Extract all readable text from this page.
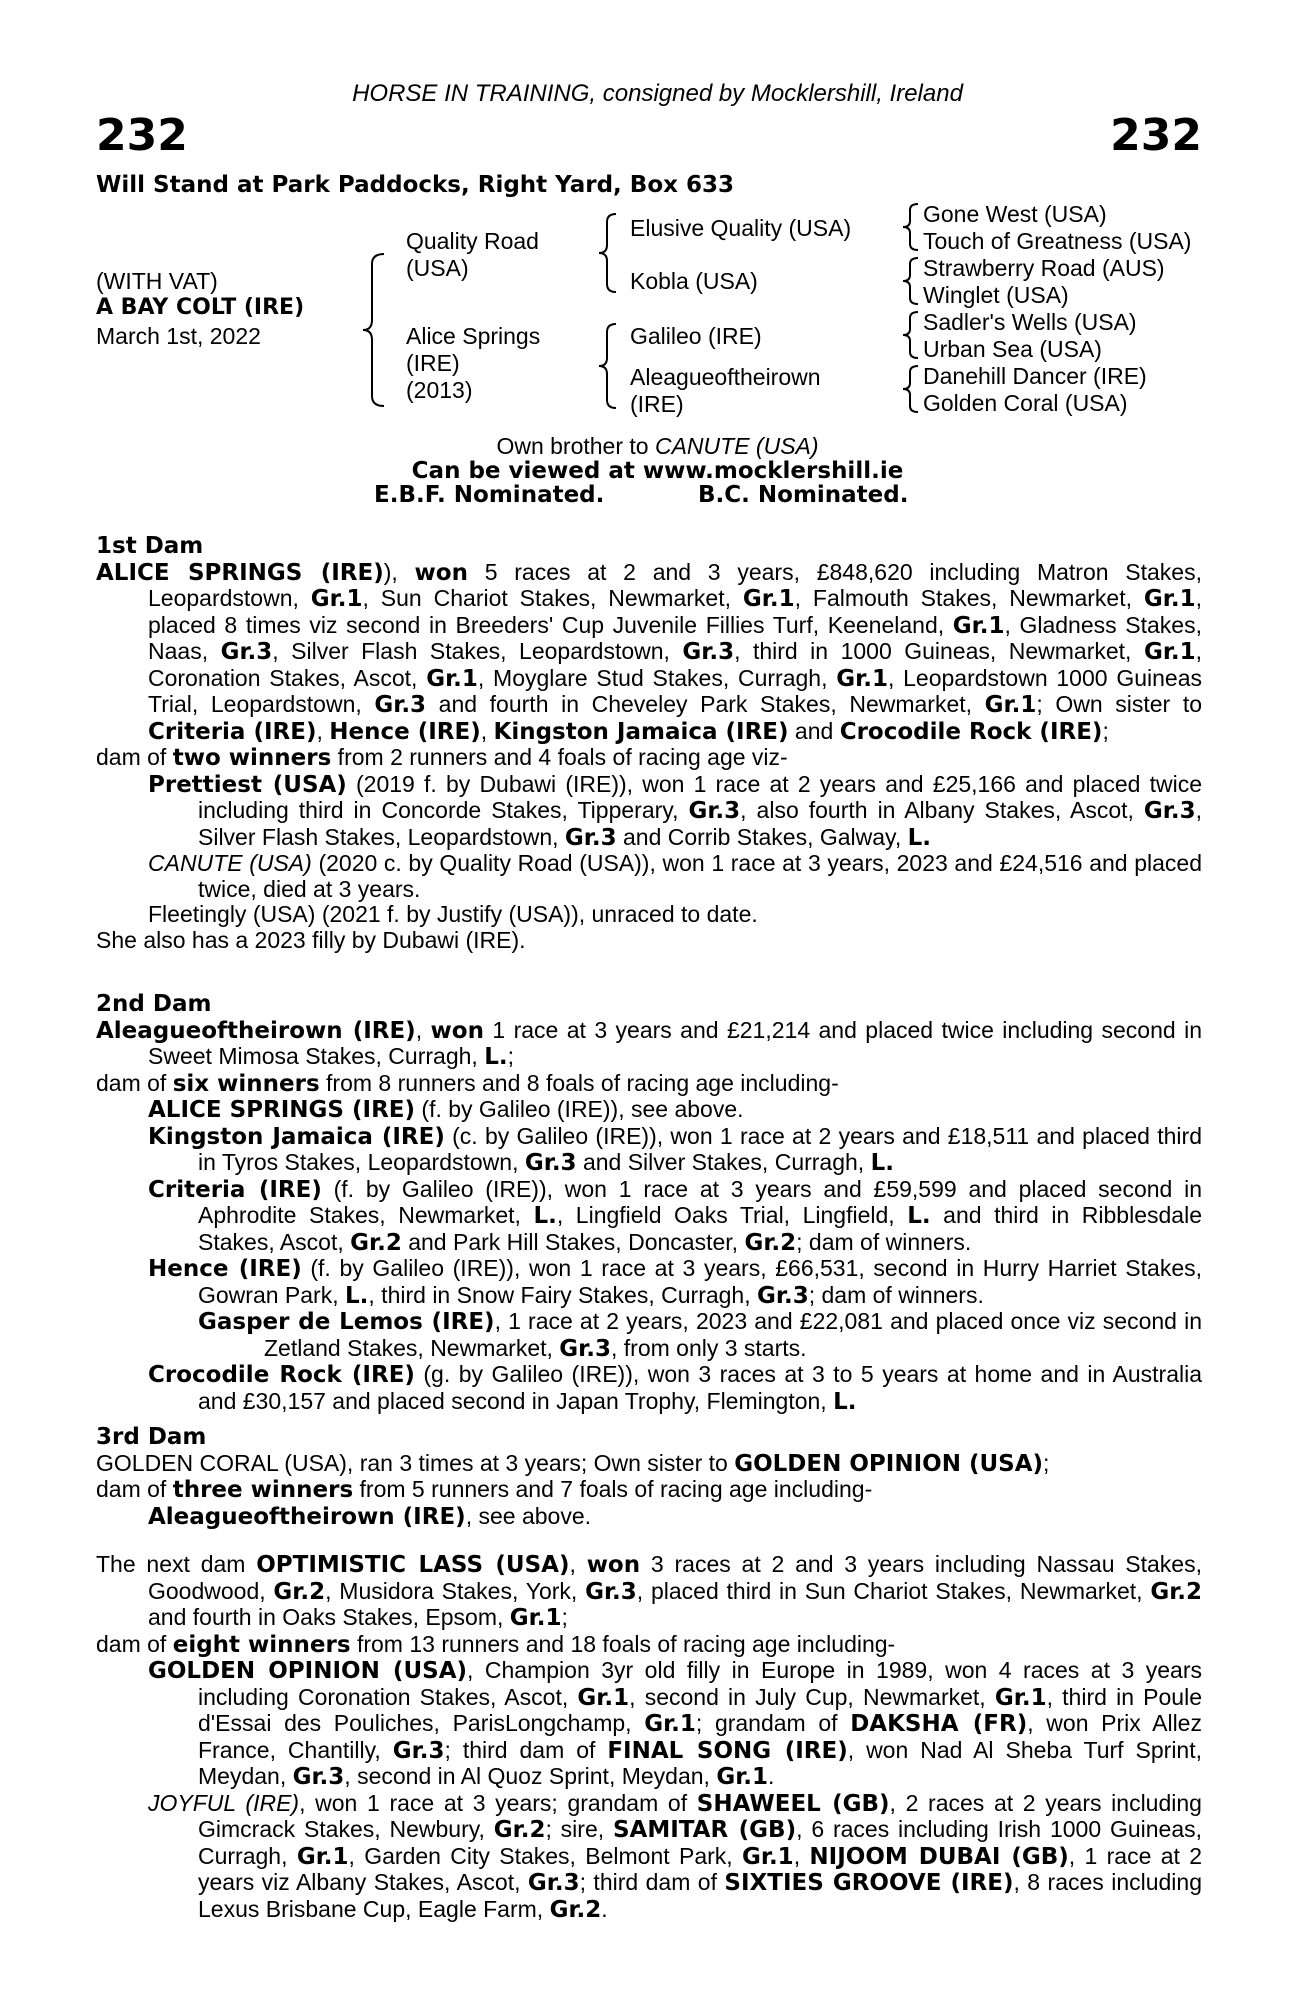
HORSE IN TRAINING, consigned by Mocklershill, Ireland
232	232
Will Stand at Park Paddocks, Right Yard, Box 633
(WITH VAT)
A BAY COLT (IRE)
March 1st, 2022
Quality Road
(USA)
Alice Springs
(IRE)
(2013)
Elusive Quality (USA)
Kobla (USA)
Galileo (IRE)
Aleagueoftheirown
(IRE)
Gone West (USA)
Touch of Greatness (USA)
Strawberry Road (AUS)
Winglet (USA)
Sadler's Wells (USA)
Urban Sea (USA)
Danehill Dancer (IRE)
Golden Coral (USA)
Own brother to CANUTE (USA)
Can be viewed at www.mocklershill.ie
E.B.F. Nominated.	B.C. Nominated.
1st Dam
ALICE SPRINGS (IRE)), won 5 races at 2 and 3 years, £848,620 including Matron Stakes, Leopardstown, Gr.1, Sun Chariot Stakes, Newmarket, Gr.1, Falmouth Stakes, Newmarket, Gr.1, placed 8 times viz second in Breeders' Cup Juvenile Fillies Turf, Keeneland, Gr.1, Gladness Stakes, Naas, Gr.3, Silver Flash Stakes, Leopardstown, Gr.3, third in 1000 Guineas, Newmarket, Gr.1, Coronation Stakes, Ascot, Gr.1, Moyglare Stud Stakes, Curragh, Gr.1, Leopardstown 1000 Guineas Trial, Leopardstown, Gr.3 and fourth in Cheveley Park Stakes, Newmarket, Gr.1; Own sister to Criteria (IRE), Hence (IRE), Kingston Jamaica (IRE) and Crocodile Rock (IRE);
dam of two winners from 2 runners and 4 foals of racing age viz-
Prettiest (USA) (2019 f. by Dubawi (IRE)), won 1 race at 2 years and £25,166 and placed twice including third in Concorde Stakes, Tipperary, Gr.3, also fourth in Albany Stakes, Ascot, Gr.3, Silver Flash Stakes, Leopardstown, Gr.3 and Corrib Stakes, Galway, L.
CANUTE (USA) (2020 c. by Quality Road (USA)), won 1 race at 3 years, 2023 and £24,516 and placed twice, died at 3 years.
Fleetingly (USA) (2021 f. by Justify (USA)), unraced to date.
She also has a 2023 filly by Dubawi (IRE).
2nd Dam
Aleagueoftheirown (IRE), won 1 race at 3 years and £21,214 and placed twice including second in Sweet Mimosa Stakes, Curragh, L.;
dam of six winners from 8 runners and 8 foals of racing age including-
ALICE SPRINGS (IRE) (f. by Galileo (IRE)), see above.
Kingston Jamaica (IRE) (c. by Galileo (IRE)), won 1 race at 2 years and £18,511 and placed third in Tyros Stakes, Leopardstown, Gr.3 and Silver Stakes, Curragh, L.
Criteria (IRE) (f. by Galileo (IRE)), won 1 race at 3 years and £59,599 and placed second in Aphrodite Stakes, Newmarket, L., Lingfield Oaks Trial, Lingfield, L. and third in Ribblesdale Stakes, Ascot, Gr.2 and Park Hill Stakes, Doncaster, Gr.2; dam of winners.
Hence (IRE) (f. by Galileo (IRE)), won 1 race at 3 years, £66,531, second in Hurry Harriet Stakes, Gowran Park, L., third in Snow Fairy Stakes, Curragh, Gr.3; dam of winners.
Gasper de Lemos (IRE), 1 race at 2 years, 2023 and £22,081 and placed once viz second in Zetland Stakes, Newmarket, Gr.3, from only 3 starts.
Crocodile Rock (IRE) (g. by Galileo (IRE)), won 3 races at 3 to 5 years at home and in Australia and £30,157 and placed second in Japan Trophy, Flemington, L.
3rd Dam
GOLDEN CORAL (USA), ran 3 times at 3 years; Own sister to GOLDEN OPINION (USA);
dam of three winners from 5 runners and 7 foals of racing age including-
Aleagueoftheirown (IRE), see above.
The next dam OPTIMISTIC LASS (USA), won 3 races at 2 and 3 years including Nassau Stakes, Goodwood, Gr.2, Musidora Stakes, York, Gr.3, placed third in Sun Chariot Stakes, Newmarket, Gr.2 and fourth in Oaks Stakes, Epsom, Gr.1;
dam of eight winners from 13 runners and 18 foals of racing age including-
GOLDEN OPINION (USA), Champion 3yr old filly in Europe in 1989, won 4 races at 3 years including Coronation Stakes, Ascot, Gr.1, second in July Cup, Newmarket, Gr.1, third in Poule d'Essai des Pouliches, ParisLongchamp, Gr.1; grandam of DAKSHA (FR), won Prix Allez France, Chantilly, Gr.3; third dam of FINAL SONG (IRE), won Nad Al Sheba Turf Sprint, Meydan, Gr.3, second in Al Quoz Sprint, Meydan, Gr.1.
JOYFUL (IRE), won 1 race at 3 years; grandam of SHAWEEL (GB), 2 races at 2 years including Gimcrack Stakes, Newbury, Gr.2; sire, SAMITAR (GB), 6 races including Irish 1000 Guineas, Curragh, Gr.1, Garden City Stakes, Belmont Park, Gr.1, NIJOOM DUBAI (GB), 1 race at 2 years viz Albany Stakes, Ascot, Gr.3; third dam of SIXTIES GROOVE (IRE), 8 races including Lexus Brisbane Cup, Eagle Farm, Gr.2.
